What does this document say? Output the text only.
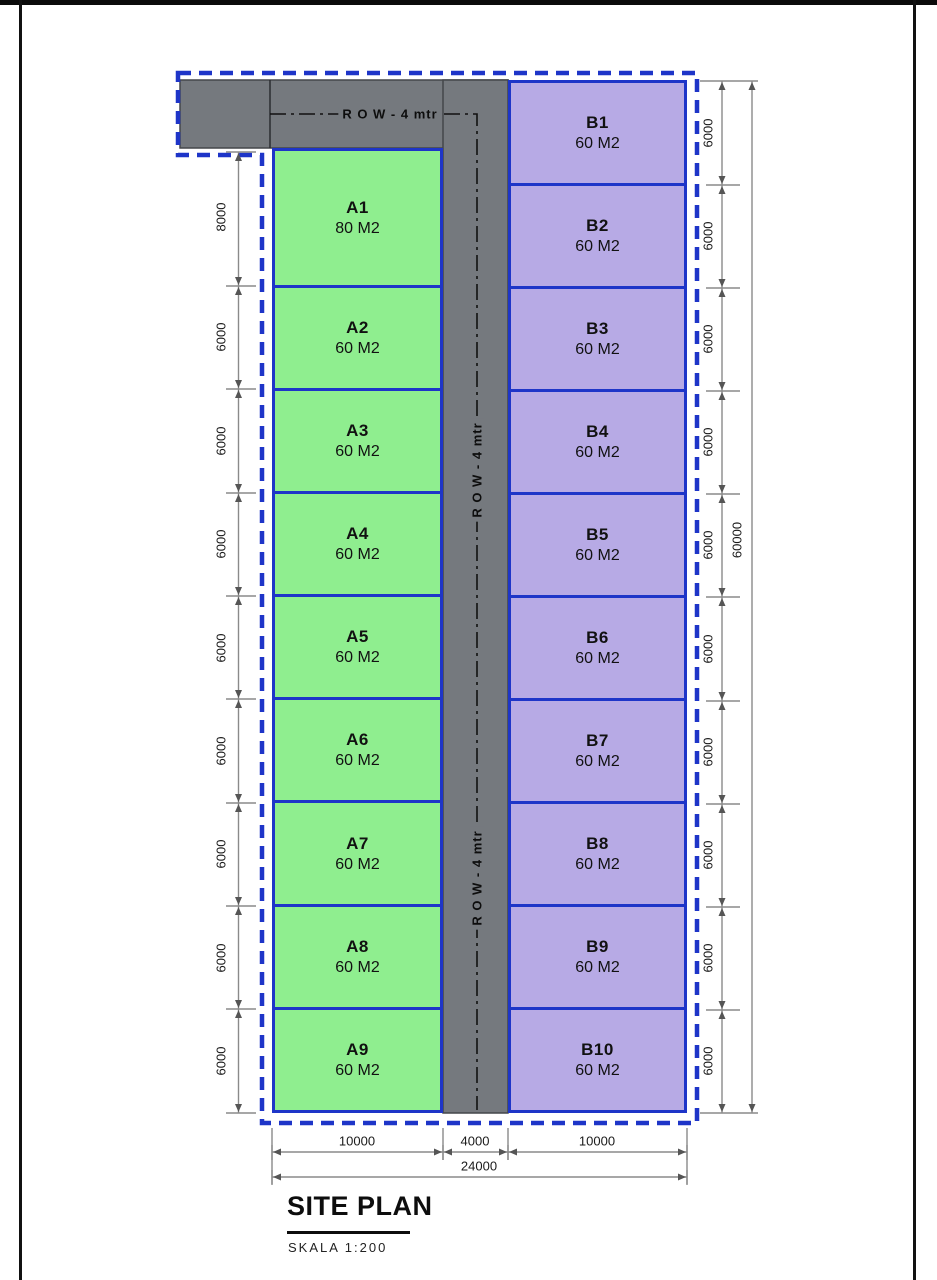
A1
80 M2
A2
60 M2
A3
60 M2
A4
60 M2
A5
60 M2
A6
60 M2
A7
60 M2
A8
60 M2
A9
60 M2
B1
60 M2
B2
60 M2
B3
60 M2
B4
60 M2
B5
60 M2
B6
60 M2
B7
60 M2
B8
60 M2
B9
60 M2
B10
60 M2
R O W - 4 mtr
R O W - 4 mtr
R O W - 4 mtr
8000
6000
6000
6000
6000
6000
6000
6000
6000
6000
6000
6000
6000
6000
6000
6000
6000
6000
6000
60000
10000	4000	10000
24000
SITE PLAN
SKALA 1:200
